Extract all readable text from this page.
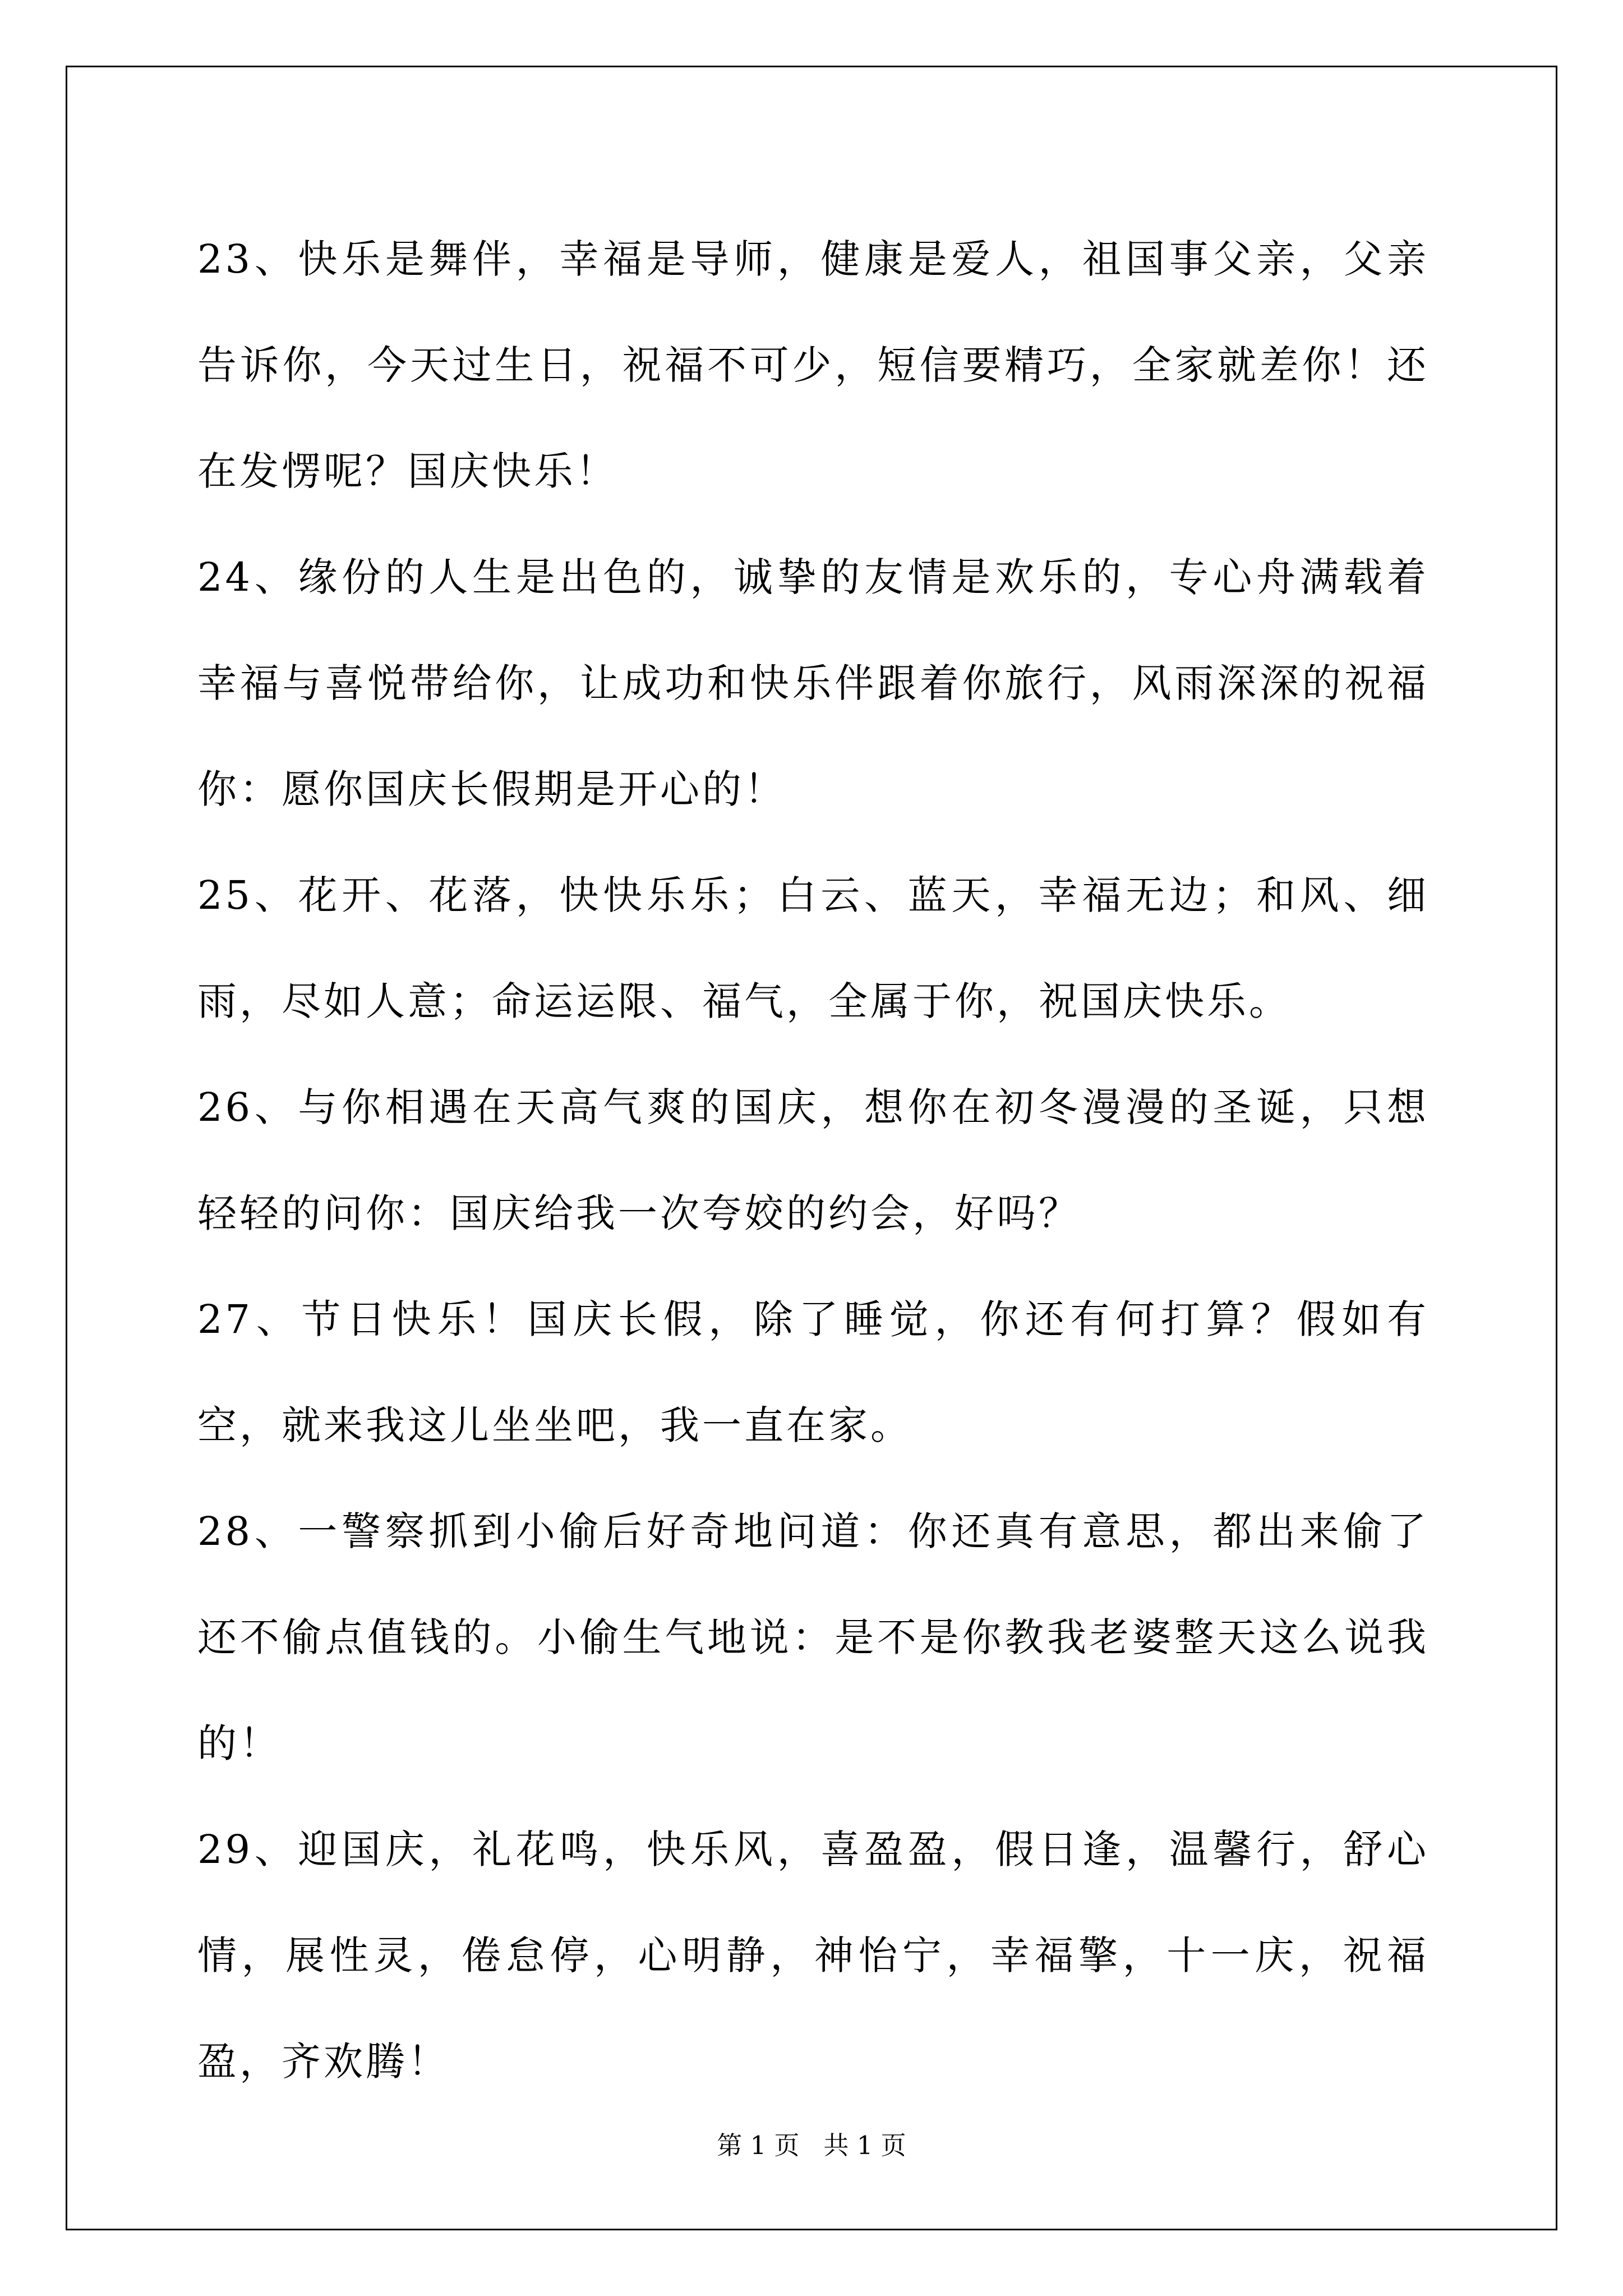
23、快乐是舞伴，幸福是导师，健康是爱人，祖国事父亲，父亲告诉你，今天过生日，祝福不可少，短信要精巧，全家就差你！还在发愣呢？国庆快乐！

24、缘份的人生是出色的，诚挚的友情是欢乐的，专心舟满载着幸福与喜悦带给你，让成功和快乐伴跟着你旅行，风雨深深的祝福你：愿你国庆长假期是开心的！

25、花开、花落，快快乐乐；白云、蓝天，幸福无边；和风、细雨，尽如人意；命运运限、福气，全属于你，祝国庆快乐。

26、与你相遇在天高气爽的国庆，想你在初冬漫漫的圣诞，只想轻轻的问你：国庆给我一次夸姣的约会，好吗？

27、节日快乐！国庆长假，除了睡觉，你还有何打算？假如有空，就来我这儿坐坐吧，我一直在家。

28、一警察抓到小偷后好奇地问道：你还真有意思，都出来偷了还不偷点值钱的。小偷生气地说：是不是你教我老婆整天这么说我的！

29、迎国庆，礼花鸣，快乐风，喜盈盈，假日逢，温馨行，舒心情，展性灵，倦怠停，心明静，神怡宁，幸福擎，十一庆，祝福盈，齐欢腾！

第 1 页   共 1 页
